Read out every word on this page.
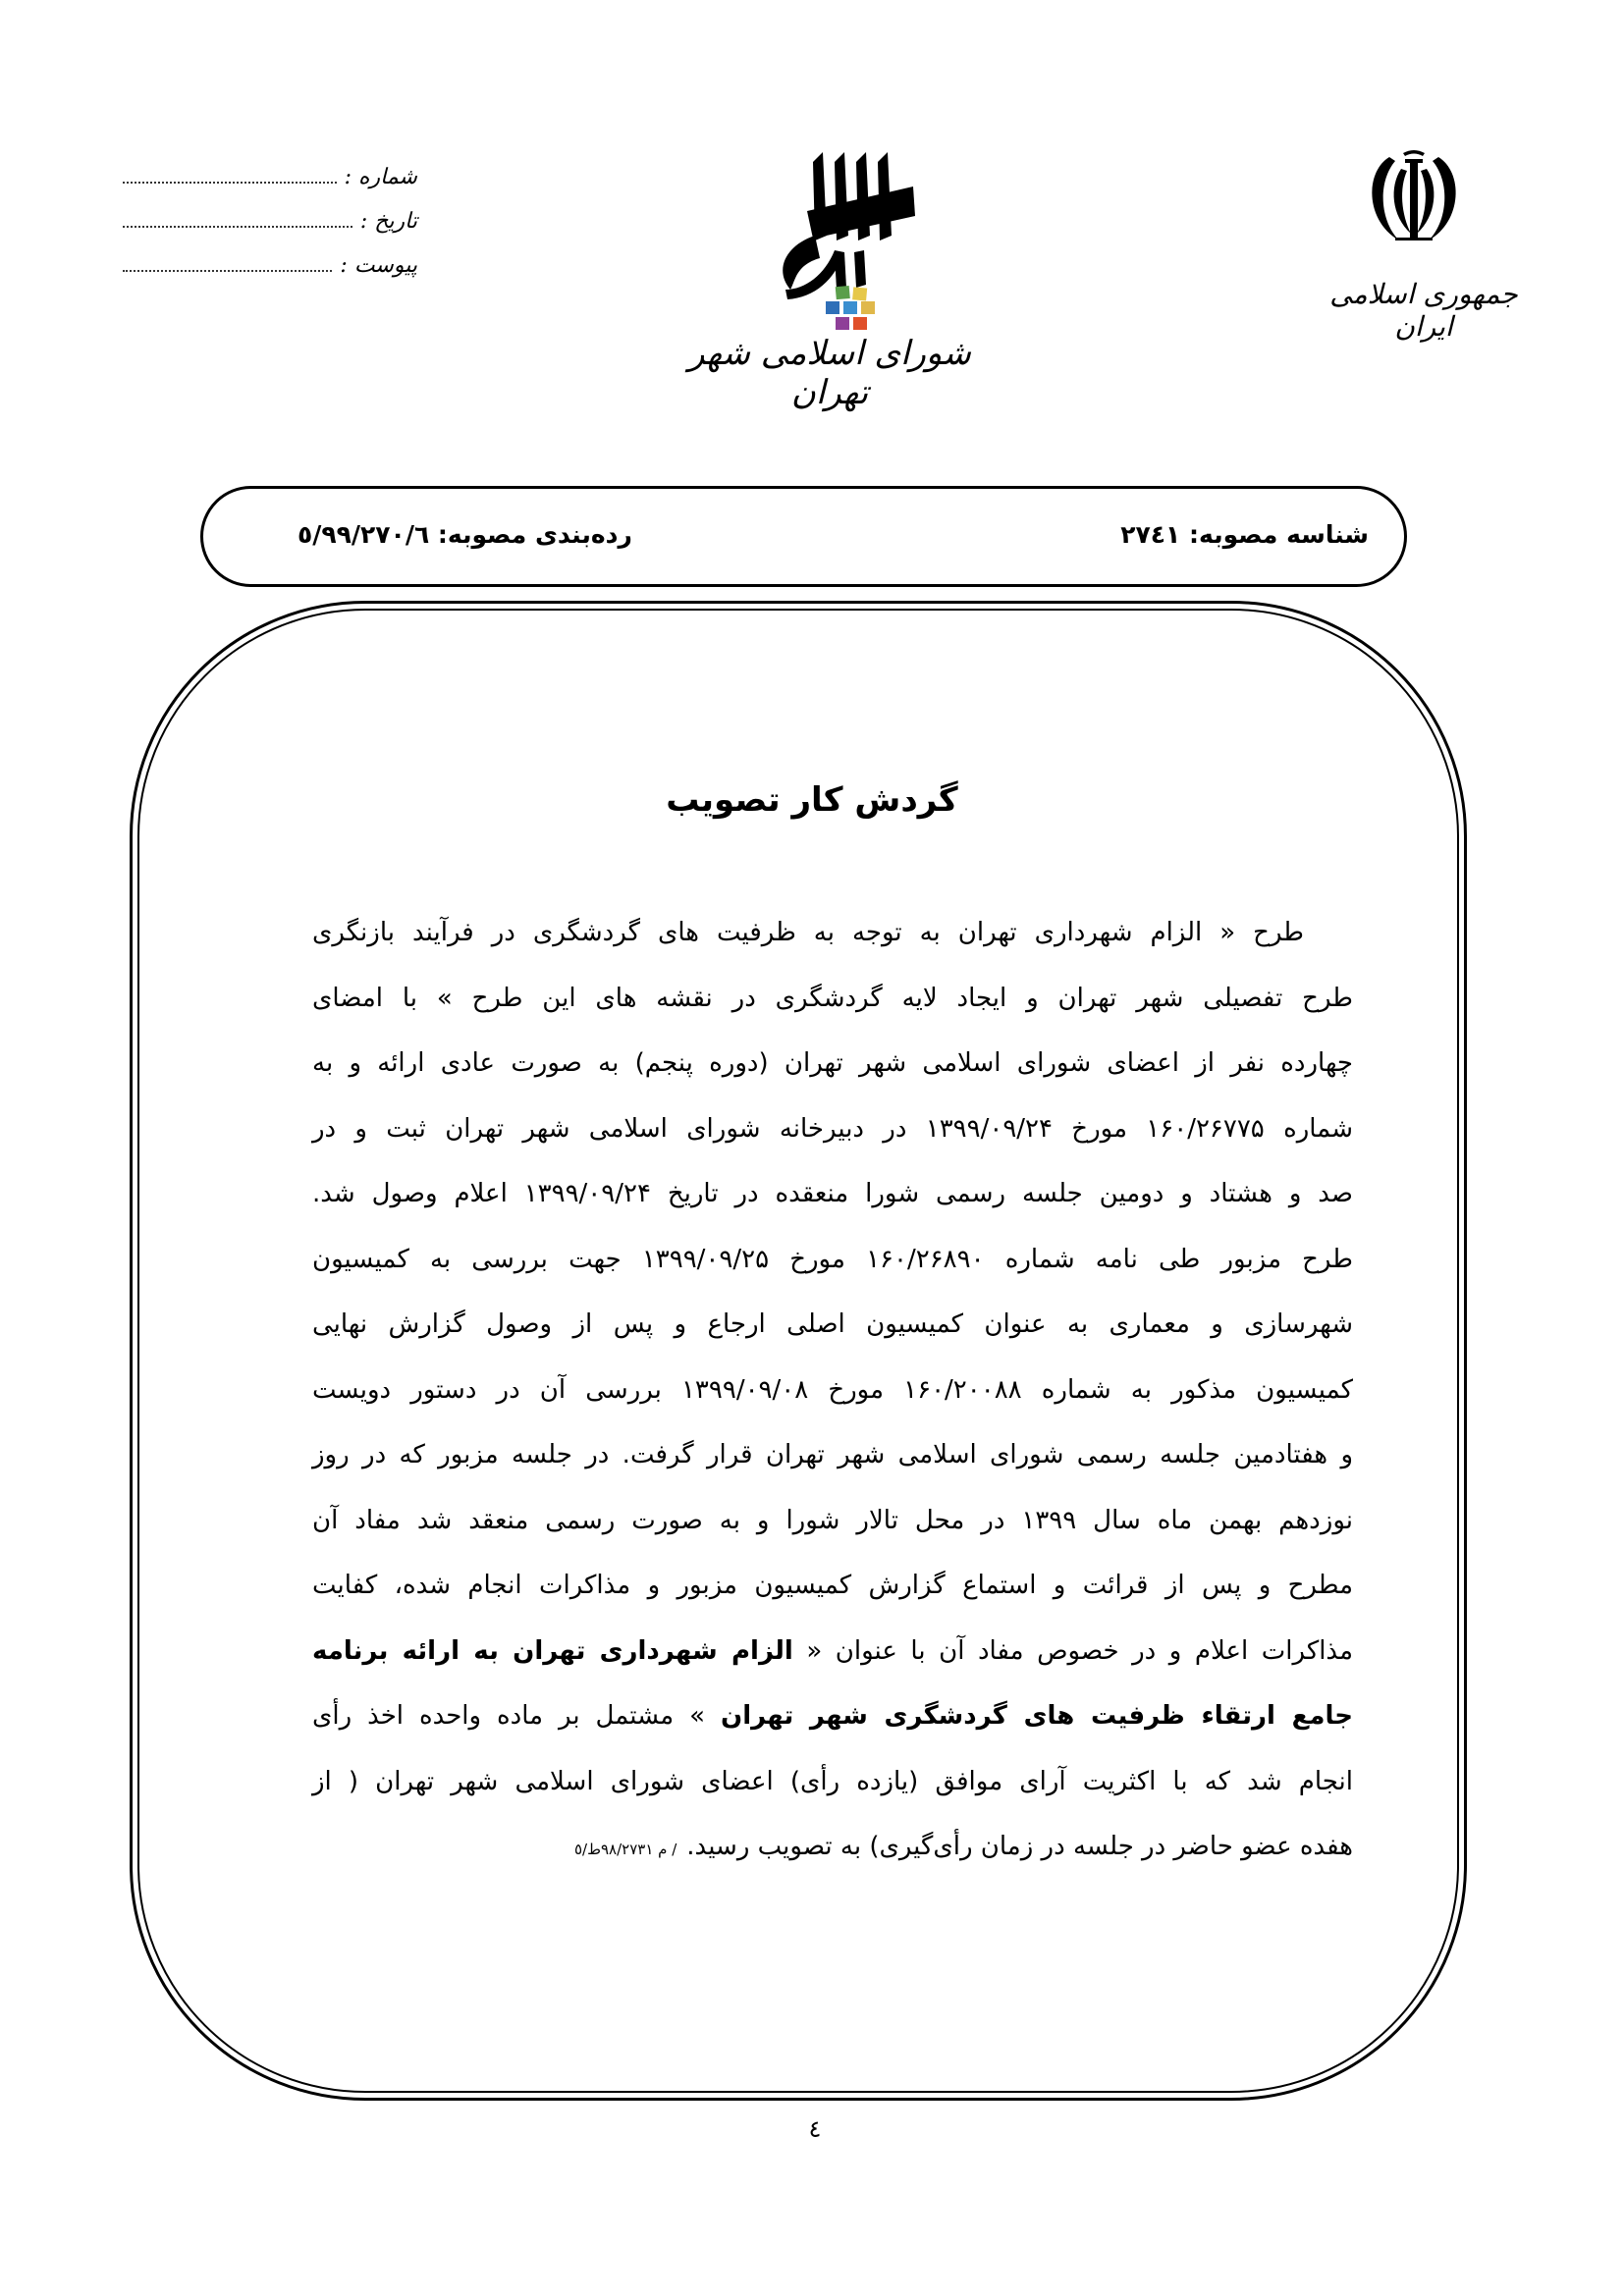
شماره :
تاریخ :
پیوست :
شورای اسلامی شهر تهران
جمهوری اسلامی ایران
شناسه مصوبه: ۲۷٤۱
رده‌بندی مصوبه: ٥/۹۹/۲۷۰/٦
گردش کار تصویب
طرح « الزام شهرداری تهران به توجه به ظرفیت های گردشگری در فرآیند بازنگری
طرح تفصیلی شهر تهران و ایجاد لایه گردشگری در نقشه های این طرح » با امضای
چهارده نفر از اعضای شورای اسلامی شهر تهران (دوره پنجم) به صورت عادی ارائه و به
شماره ۱۶۰/۲۶۷۷۵ مورخ ۱۳۹۹/۰۹/۲۴ در دبیرخانه شورای اسلامی شهر تهران ثبت و در
صد و هشتاد و دومین جلسه رسمی شورا منعقده در تاریخ ۱۳۹۹/۰۹/۲۴ اعلام وصول شد.
طرح مزبور طی نامه شماره ۱۶۰/۲۶۸۹۰ مورخ ۱۳۹۹/۰۹/۲۵ جهت بررسی به کمیسیون
شهرسازی و معماری به عنوان کمیسیون اصلی ارجاع و پس از وصول گزارش نهایی
کمیسیون مذکور به شماره ۱۶۰/۲۰۰۸۸ مورخ ۱۳۹۹/۰۹/۰۸ بررسی آن در دستور دویست
و هفتادمین جلسه رسمی شورای اسلامی شهر تهران قرار گرفت. در جلسه مزبور که در روز
نوزدهم بهمن ماه سال ۱۳۹۹ در محل تالار شورا و به صورت رسمی منعقد شد مفاد آن
مطرح و پس از قرائت و استماع گزارش کمیسیون مزبور و مذاکرات انجام شده، کفایت
مذاکرات اعلام و در خصوص مفاد آن با عنوان « الزام شهرداری تهران به ارائه برنامه
جامع ارتقاء ظرفیت های گردشگری شهر تهران » مشتمل بر ماده واحده اخذ رأی
انجام شد که با اکثریت آرای موافق (یازده رأی) اعضای شورای اسلامی شهر تهران ( از
هفده عضو حاضر در جلسه در زمان رأی‌گیری) به تصویب رسید./ م ۹۸/۲۷۳۱ط/٥
٤
